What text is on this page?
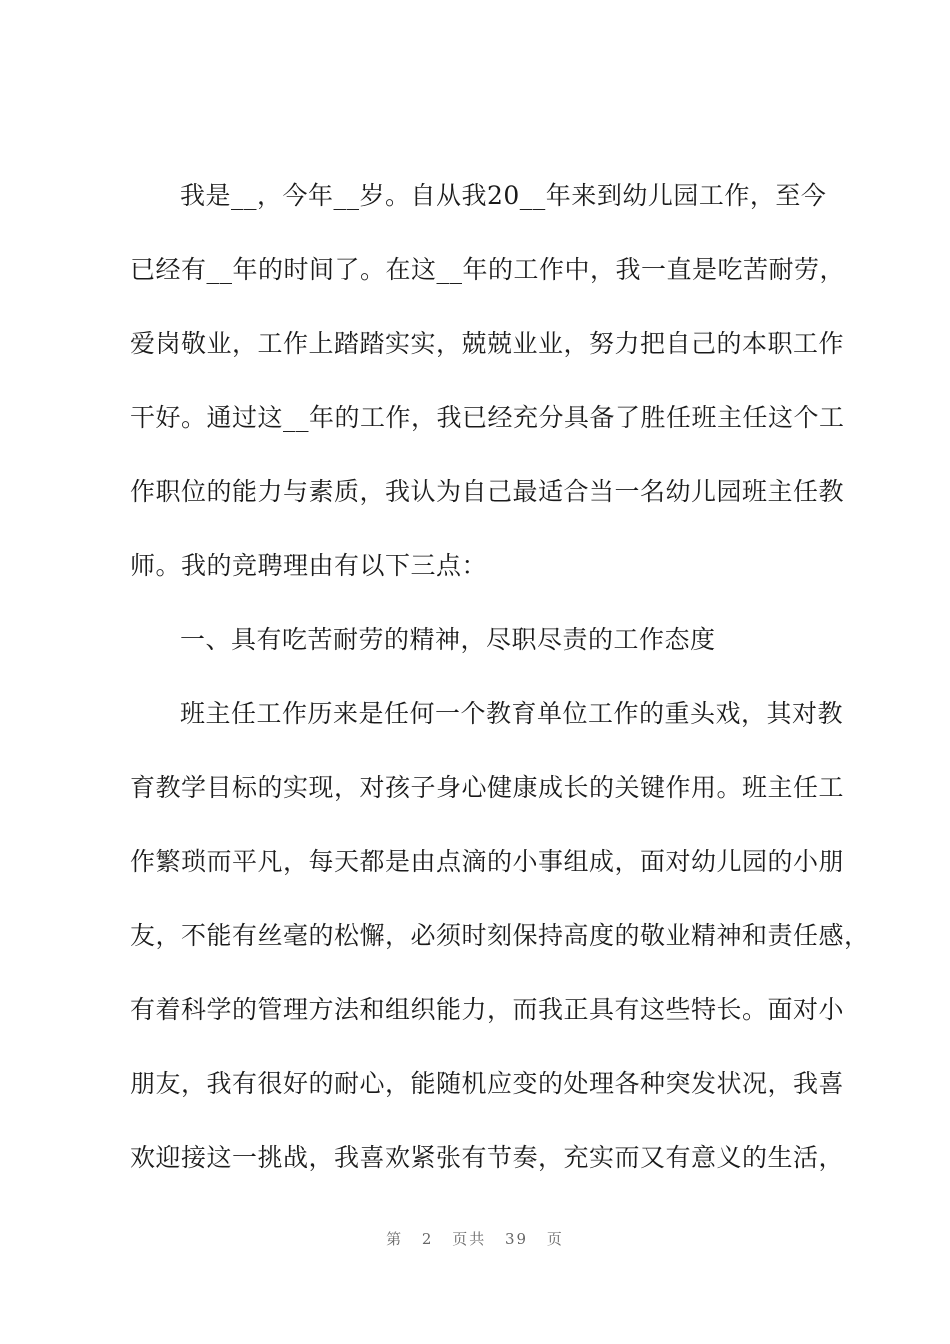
我是__，今年__岁。自从我20__年来到幼儿园工作，至今
已经有__年的时间了。在这__年的工作中，我一直是吃苦耐劳，
爱岗敬业，工作上踏踏实实，兢兢业业，努力把自己的本职工作
干好。通过这__年的工作，我已经充分具备了胜任班主任这个工
作职位的能力与素质，我认为自己最适合当一名幼儿园班主任教
师。我的竞聘理由有以下三点：
一、具有吃苦耐劳的精神，尽职尽责的工作态度
班主任工作历来是任何一个教育单位工作的重头戏，其对教
育教学目标的实现，对孩子身心健康成长的关键作用。班主任工
作繁琐而平凡，每天都是由点滴的小事组成，面对幼儿园的小朋
友，不能有丝毫的松懈，必须时刻保持高度的敬业精神和责任感，
有着科学的管理方法和组织能力，而我正具有这些特长。面对小
朋友，我有很好的耐心，能随机应变的处理各种突发状况，我喜
欢迎接这一挑战，我喜欢紧张有节奏，充实而又有意义的生活，
第 2 页共 39 页
